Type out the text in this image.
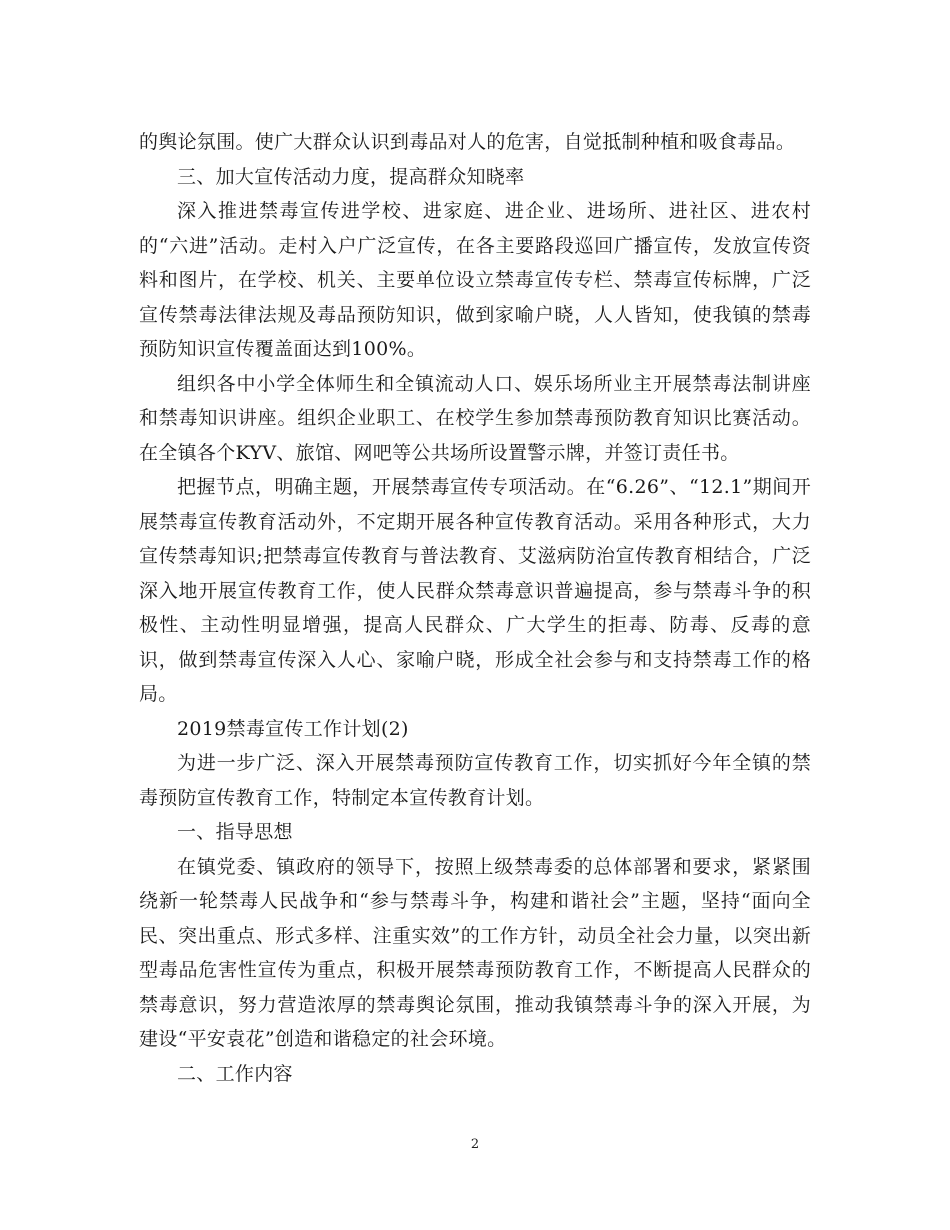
的舆论氛围。使广大群众认识到毒品对人的危害，自觉抵制种植和吸食毒品。

三、加大宣传活动力度，提高群众知晓率

深入推进禁毒宣传进学校、进家庭、进企业、进场所、进社区、进农村的“六进”活动。走村入户广泛宣传，在各主要路段巡回广播宣传，发放宣传资料和图片，在学校、机关、主要单位设立禁毒宣传专栏、禁毒宣传标牌，广泛宣传禁毒法律法规及毒品预防知识，做到家喻户晓，人人皆知，使我镇的禁毒预防知识宣传覆盖面达到100%。

组织各中小学全体师生和全镇流动人口、娱乐场所业主开展禁毒法制讲座和禁毒知识讲座。组织企业职工、在校学生参加禁毒预防教育知识比赛活动。在全镇各个KYV、旅馆、网吧等公共场所设置警示牌，并签订责任书。

把握节点，明确主题，开展禁毒宣传专项活动。在“6.26”、“12.1”期间开展禁毒宣传教育活动外，不定期开展各种宣传教育活动。采用各种形式，大力宣传禁毒知识;把禁毒宣传教育与普法教育、艾滋病防治宣传教育相结合，广泛深入地开展宣传教育工作，使人民群众禁毒意识普遍提高，参与禁毒斗争的积极性、主动性明显增强，提高人民群众、广大学生的拒毒、防毒、反毒的意识，做到禁毒宣传深入人心、家喻户晓，形成全社会参与和支持禁毒工作的格局。

2019禁毒宣传工作计划(2)

为进一步广泛、深入开展禁毒预防宣传教育工作，切实抓好今年全镇的禁毒预防宣传教育工作，特制定本宣传教育计划。

一、指导思想

在镇党委、镇政府的领导下，按照上级禁毒委的总体部署和要求，紧紧围绕新一轮禁毒人民战争和“参与禁毒斗争，构建和谐社会”主题，坚持“面向全民、突出重点、形式多样、注重实效”的工作方针，动员全社会力量，以突出新型毒品危害性宣传为重点，积极开展禁毒预防教育工作，不断提高人民群众的禁毒意识，努力营造浓厚的禁毒舆论氛围，推动我镇禁毒斗争的深入开展，为建设“平安袁花”创造和谐稳定的社会环境。

二、工作内容

2
